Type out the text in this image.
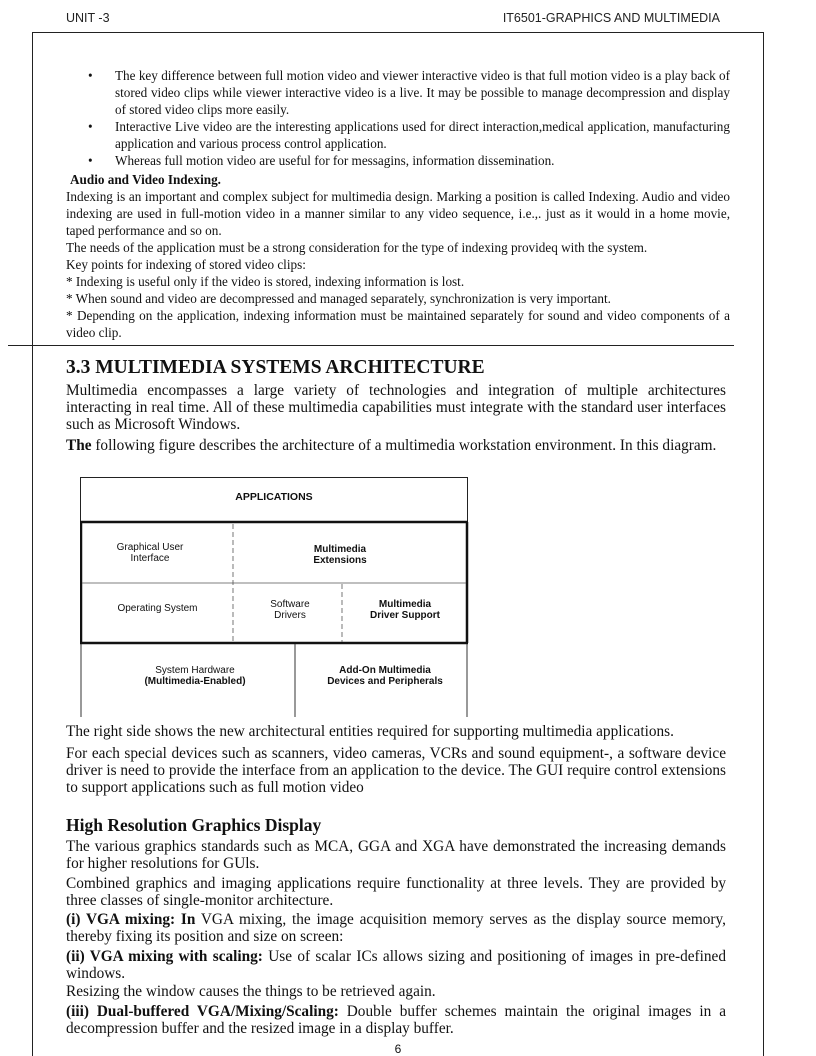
UNIT -3	IT6501-GRAPHICS AND MULTIMEDIA
• The key difference between full motion video and viewer interactive video is that full motion video is a play back of stored video clips while viewer interactive video is a live. It may be possible to manage decompression and display of stored video clips more easily.
• Interactive Live video are the interesting applications used for direct interaction,medical application, manufacturing application and various process control application.
• Whereas full motion video are useful for for messagins, information dissemination.
Audio and Video Indexing.
Indexing is an important and complex subject for multimedia design. Marking a position is called Indexing. Audio and video indexing are used in full-motion video in a manner similar to any video sequence, i.e.,. just as it would in a home movie, taped performance and so on.
The needs of the application must be a strong consideration for the type of indexing provideq with the system.
Key points for indexing of stored video clips:
* Indexing is useful only if the video is stored, indexing information is lost.
* When sound and video are decompressed and managed separately, synchronization is very important.
* Depending on the application, indexing information must be maintained separately for sound and video components of a video clip.
3.3 MULTIMEDIA SYSTEMS ARCHITECTURE
Multimedia encompasses a large variety of technologies and integration of multiple architectures interacting in real time. All of these multimedia capabilities must integrate with the standard user interfaces such as Microsoft Windows.
The following figure describes the architecture of a multimedia workstation environment. In this diagram.
APPLICATIONS
Graphical User
Interface
Multimedia
Extensions
Operating System	Software
Drivers
Multimedia
Driver Support
System Hardware
(Multimedia-Enabled)
Add-On Multimedia
Devices and Peripherals
The right side shows the new architectural entities required for supporting multimedia applications.
For each special devices such as scanners, video cameras, VCRs and sound equipment-, a software device driver is need to provide the interface from an application to the device. The GUI require control extensions to support applications such as full motion video
High Resolution Graphics Display
The various graphics standards such as MCA, GGA and XGA have demonstrated the increasing demands for higher resolutions for GUls.
Combined graphics and imaging applications require functionality at three levels. They are provided by three classes of single-monitor architecture.
(i) VGA mixing: In VGA mixing, the image acquisition memory serves as the display source memory, thereby fixing its position and size on screen:
(ii) VGA mixing with scaling: Use of scalar ICs allows sizing and positioning of images in pre-defined windows.
Resizing the window causes the things to be retrieved again.
(iii) Dual-buffered VGA/Mixing/Scaling: Double buffer schemes maintain the original images in a decompression buffer and the resized image in a display buffer.
6
